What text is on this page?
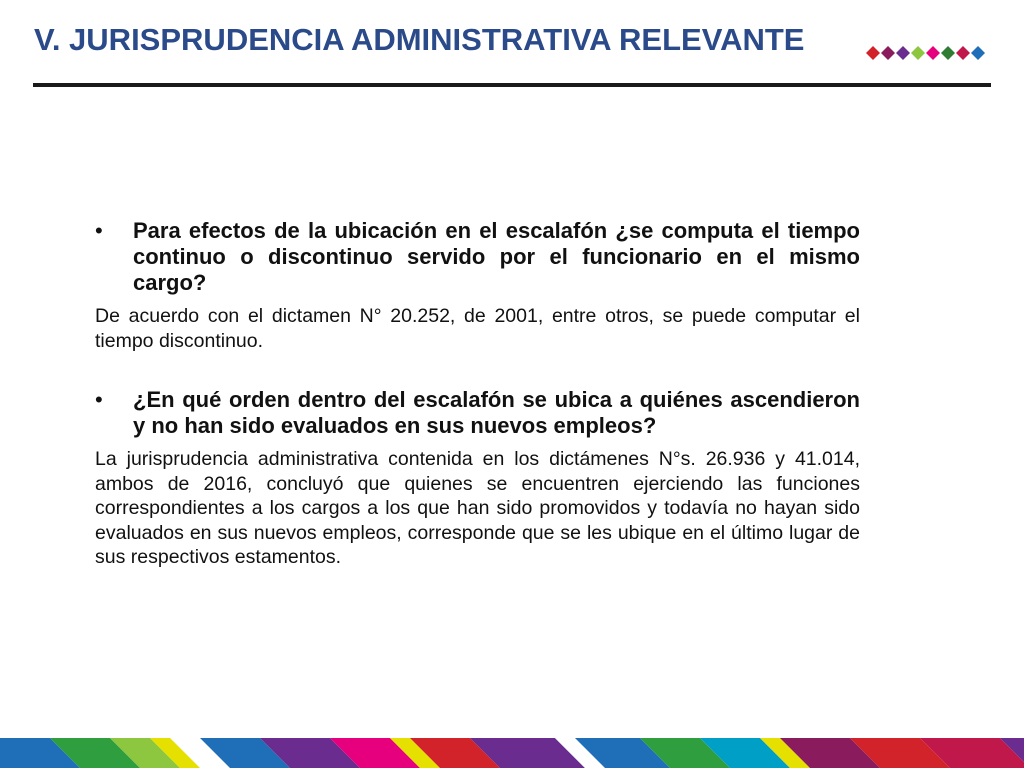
V. JURISPRUDENCIA ADMINISTRATIVA RELEVANTE
•	Para efectos de la ubicación en el escalafón ¿se computa el tiempo continuo o discontinuo servido por el funcionario en el mismo cargo?

De acuerdo con el dictamen N° 20.252, de 2001, entre otros, se puede computar el tiempo discontinuo.

•	¿En qué orden dentro del escalafón se ubica a quiénes ascendieron y no han sido evaluados en sus nuevos empleos?

La jurisprudencia administrativa contenida en los dictámenes N°s. 26.936 y 41.014, ambos de 2016, concluyó que quienes se encuentren ejerciendo las funciones correspondientes a los cargos a los que han sido promovidos y todavía no hayan sido evaluados en sus nuevos empleos, corresponde que se les ubique en el último lugar de sus respectivos estamentos.
